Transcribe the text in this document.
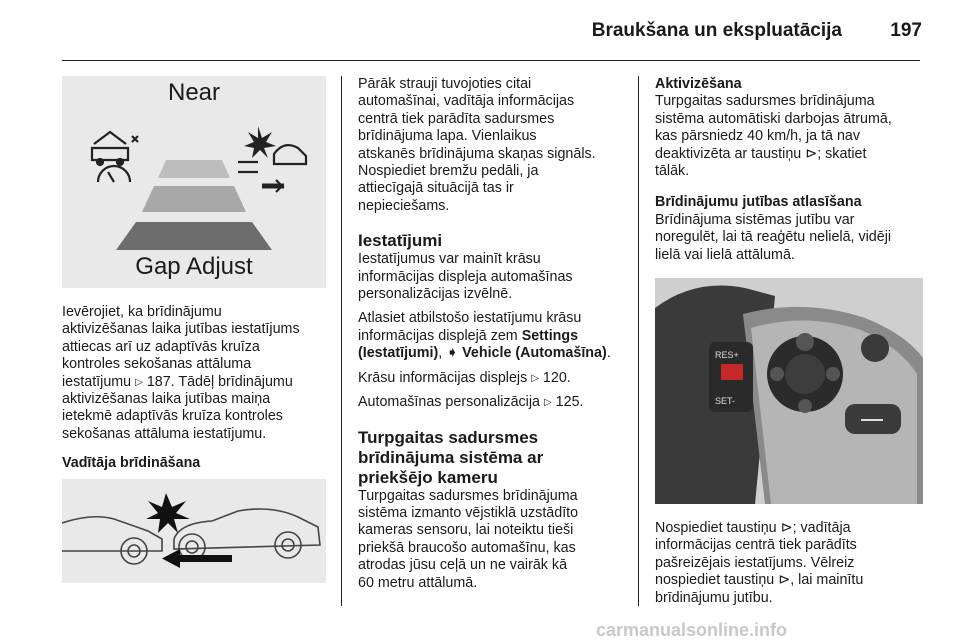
Braukšana un ekspluatācija	197
Near
Gap Adjust
Ievērojiet, ka brīdinājumu
aktivizēšanas laika jutības iestatījums
attiecas arī uz adaptīvās kruīza
kontroles sekošanas attāluma
iestatījumu ▷ 187. Tādēļ brīdinājumu
aktivizēšanas laika jutības maiņa
ietekmē adaptīvās kruīza kontroles
sekošanas attāluma iestatījumu.
Vadītāja brīdināšana
Pārāk strauji tuvojoties citai
automašīnai, vadītāja informācijas
centrā tiek parādīta sadursmes
brīdinājuma lapa. Vienlaikus
atskanēs brīdinājuma skaņas signāls.
Nospiediet bremžu pedāli, ja
attiecīgajā situācijā tas ir
nepieciešams.
Iestatījumi
Iestatījumus var mainīt krāsu
informācijas displeja automašīnas
personalizācijas izvēlnē.
Atlasiet atbilstošo iestatījumu krāsu
informācijas displejā zem Settings
(Iestatījumi), ➧ Vehicle (Automašīna).
Krāsu informācijas displejs ▷ 120.
Automašīnas personalizācija ▷ 125.
Turpgaitas sadursmes
brīdinājuma sistēma ar
priekšējo kameru
Turpgaitas sadursmes brīdinājuma
sistēma izmanto vējstiklā uzstādīto
kameras sensoru, lai noteiktu tieši
priekšā braucošo automašīnu, kas
atrodas jūsu ceļā un ne vairāk kā
60 metru attālumā.
Aktivizēšana
Turpgaitas sadursmes brīdinājuma
sistēma automātiski darbojas ātrumā,
kas pārsniedz 40 km/h, ja tā nav
deaktivizēta ar taustiņu ⊳; skatiet
tālāk.
Brīdinājumu jutības atlasīšana
Brīdinājuma sistēmas jutību var
noregulēt, lai tā reaģētu nelielā, vidēji
lielā vai lielā attālumā.
RES+
SET-
Nospiediet taustiņu ⊳; vadītāja
informācijas centrā tiek parādīts
pašreizējais iestatījums. Vēlreiz
nospiediet taustiņu ⊳, lai mainītu
brīdinājumu jutību.
carmanualsonline.info
